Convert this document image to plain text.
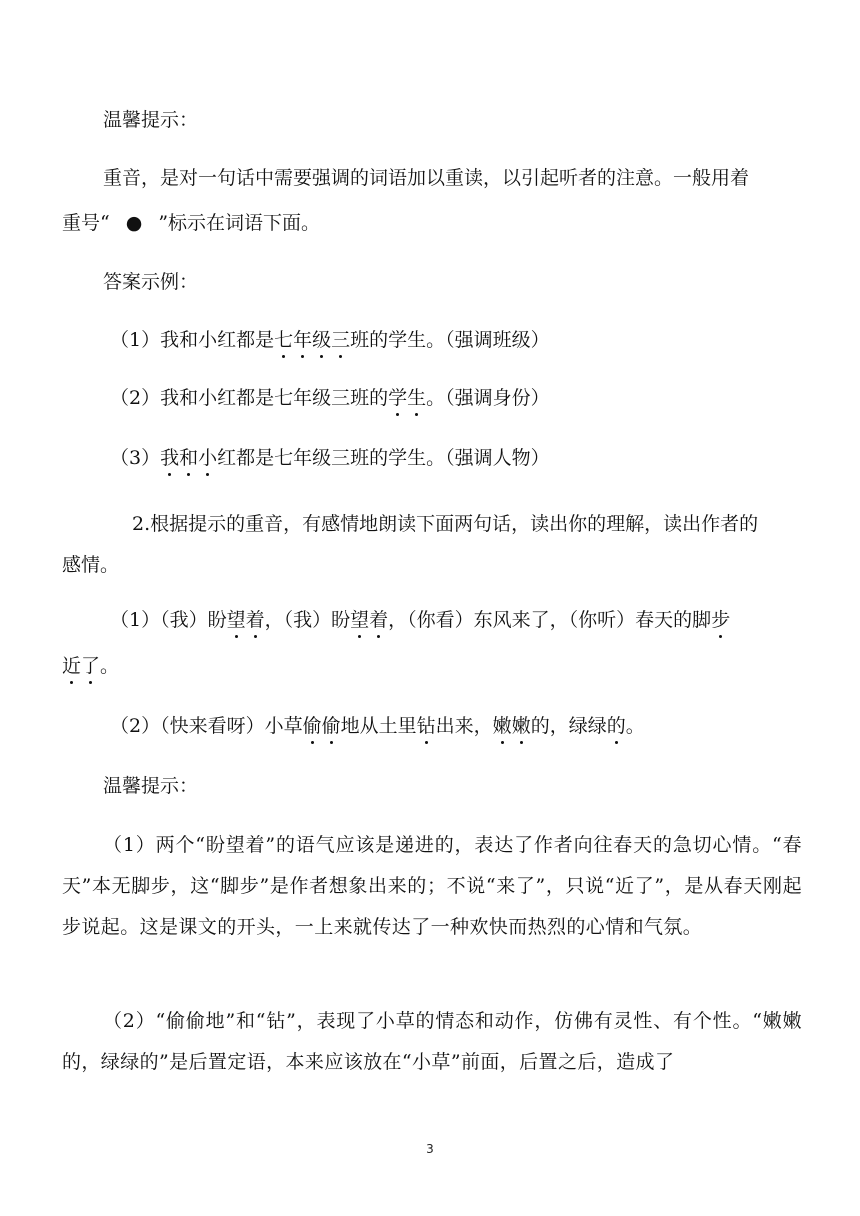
温馨提示：
重音，是对一句话中需要强调的词语加以重读，以引起听者的注意。一般用着
重号“ ● ”标示在词语下面。
答案示例：
（1）我和小红都是七年级三班的学生。（强调班级）
（2）我和小红都是七年级三班的学生。（强调身份）
（3）我和小红都是七年级三班的学生。（强调人物）
2.根据提示的重音，有感情地朗读下面两句话，读出你的理解，读出作者的
感情。
（1）（我）盼望着，（我）盼望着，（你看）东风来了，（你听）春天的脚步
近了。
（2）（快来看呀）小草偷偷地从土里钻出来，嫩嫩的，绿绿的。
温馨提示：
（1）两个“盼望着”的语气应该是递进的，表达了作者向往春天的急切心情。“春天”本无脚步，这“脚步”是作者想象出来的；不说“来了”，只说“近了”，是从春天刚起步说起。这是课文的开头，一上来就传达了一种欢快而热烈的心情和气氛。
（2）“偷偷地”和“钻”，表现了小草的情态和动作，仿佛有灵性、有个性。“嫩嫩的，绿绿的”是后置定语，本来应该放在“小草”前面，后置之后，造成了
3
